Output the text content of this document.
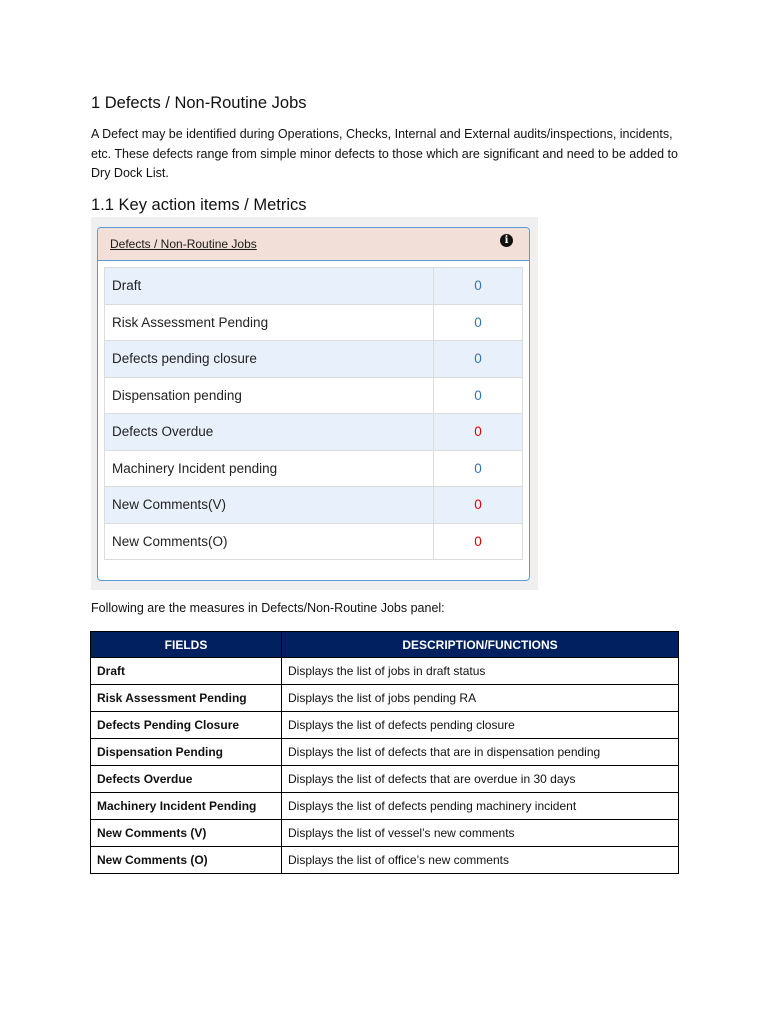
1 Defects / Non-Routine Jobs
A Defect may be identified during Operations, Checks, Internal and External audits/inspections, incidents, etc. These defects range from simple minor defects to those which are significant and need to be added to Dry Dock List.
1.1 Key action items / Metrics
Defects / Non-Routine Jobs	i
Draft	0
Risk Assessment Pending	0
Defects pending closure	0
Dispensation pending	0
Defects Overdue	0
Machinery Incident pending	0
New Comments(V)	0
New Comments(O)	0
Following are the measures in Defects/Non-Routine Jobs panel:
FIELDS	DESCRIPTION/FUNCTIONS
Draft	Displays the list of jobs in draft status
Risk Assessment Pending	Displays the list of jobs pending RA
Defects Pending Closure	Displays the list of defects pending closure
Dispensation Pending	Displays the list of defects that are in dispensation pending
Defects Overdue	Displays the list of defects that are overdue in 30 days
Machinery Incident Pending	Displays the list of defects pending machinery incident
New Comments (V)	Displays the list of vessel’s new comments
New Comments (O)	Displays the list of office’s new comments
